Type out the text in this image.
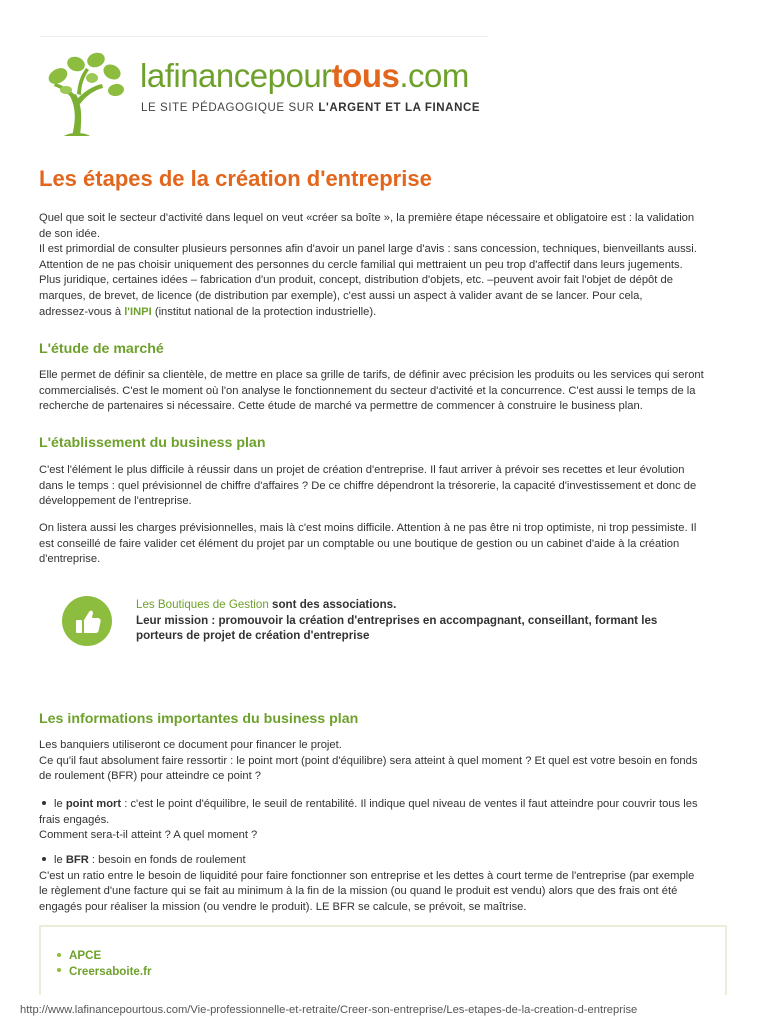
lafinancepourtous.com
LE SITE PÉDAGOGIQUE SUR L'ARGENT ET LA FINANCE
Les étapes de la création d'entreprise
Quel que soit le secteur d'activité dans lequel on veut «créer sa boîte », la première étape nécessaire et obligatoire est : la validation
de son idée.
Il est primordial de consulter plusieurs personnes afin d'avoir un panel large d'avis : sans concession, techniques, bienveillants aussi.
Attention de ne pas choisir uniquement des personnes du cercle familial qui mettraient un peu trop d'affectif dans leurs jugements.
Plus juridique, certaines idées – fabrication d'un produit, concept, distribution d'objets, etc. –peuvent avoir fait l'objet de dépôt de
marques, de brevet, de licence (de distribution par exemple), c'est aussi un aspect à valider avant de se lancer. Pour cela,
adressez-vous à l'INPI (institut national de la protection industrielle).
L'étude de marché
Elle permet de définir sa clientèle, de mettre en place sa grille de tarifs, de définir avec précision les produits ou les services qui seront
commercialisés. C'est le moment où l'on analyse le fonctionnement du secteur d'activité et la concurrence. C'est aussi le temps de la
recherche de partenaires si nécessaire. Cette étude de marché va permettre de commencer à construire le business plan.
L'établissement du business plan
C'est l'élément le plus difficile à réussir dans un projet de création d'entreprise. Il faut arriver à prévoir ses recettes et leur évolution
dans le temps : quel prévisionnel de chiffre d'affaires ? De ce chiffre dépendront la trésorerie, la capacité d'investissement et donc de
développement de l'entreprise.
On listera aussi les charges prévisionnelles, mais là c'est moins difficile. Attention à ne pas être ni trop optimiste, ni trop pessimiste. Il
est conseillé de faire valider cet élément du projet par un comptable ou une boutique de gestion ou un cabinet d'aide à la création
d'entreprise.
Les Boutiques de Gestion sont des associations.
Leur mission : promouvoir la création d'entreprises en accompagnant, conseillant, formant les
porteurs de projet de création d'entreprise
Les informations importantes du business plan
Les banquiers utiliseront ce document pour financer le projet.
Ce qu'il faut absolument faire ressortir : le point mort (point d'équilibre) sera atteint à quel moment ? Et quel est votre besoin en fonds
de roulement (BFR) pour atteindre ce point ?
le point mort : c'est le point d'équilibre, le seuil de rentabilité. Il indique quel niveau de ventes il faut atteindre pour couvrir tous les
frais engagés.
Comment sera-t-il atteint ? A quel moment ?
le BFR : besoin en fonds de roulement
C'est un ratio entre le besoin de liquidité pour faire fonctionner son entreprise et les dettes à court terme de l'entreprise (par exemple
le règlement d'une facture qui se fait au minimum à la fin de la mission (ou quand le produit est vendu) alors que des frais ont été
engagés pour réaliser la mission (ou vendre le produit). LE BFR se calcule, se prévoit, se maîtrise.
APCE
Creersaboite.fr
http://www.lafinancepourtous.com/Vie-professionnelle-et-retraite/Creer-son-entreprise/Les-etapes-de-la-creation-d-entreprise
